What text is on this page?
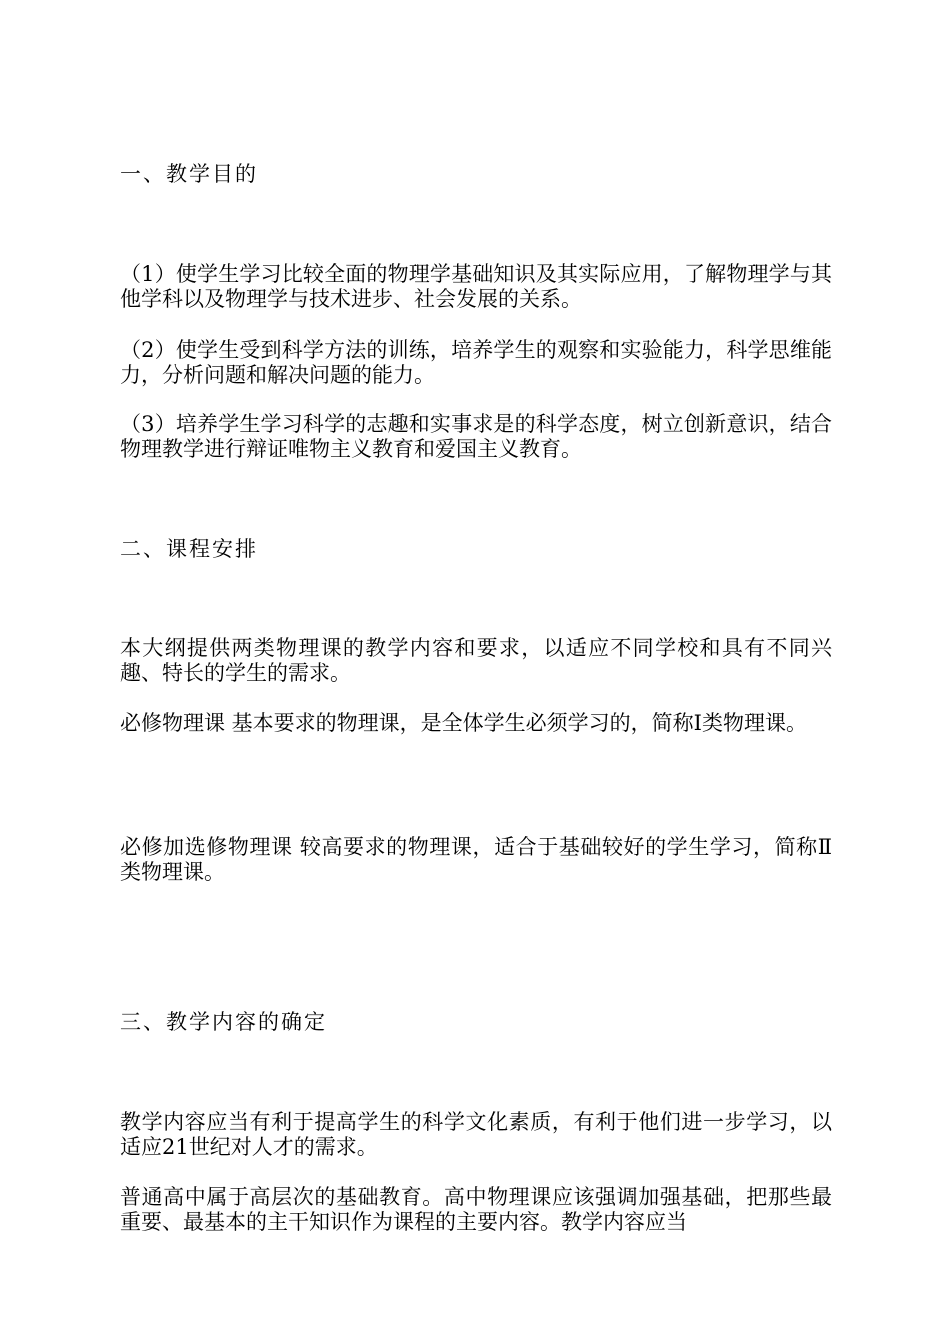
一、教学目的

（1）使学生学习比较全面的物理学基础知识及其实际应用，了解物理学与其他学科以及物理学与技术进步、社会发展的关系。

（2）使学生受到科学方法的训练，培养学生的观察和实验能力，科学思维能力，分析问题和解决问题的能力。

（3）培养学生学习科学的志趣和实事求是的科学态度，树立创新意识，结合物理教学进行辩证唯物主义教育和爱国主义教育。

二、课程安排

本大纲提供两类物理课的教学内容和要求，以适应不同学校和具有不同兴趣、特长的学生的需求。

必修物理课 基本要求的物理课，是全体学生必须学习的，简称Ⅰ类物理课。

必修加选修物理课 较高要求的物理课，适合于基础较好的学生学习，简称Ⅱ类物理课。

三、教学内容的确定

教学内容应当有利于提高学生的科学文化素质，有利于他们进一步学习，以适应21世纪对人才的需求。

普通高中属于高层次的基础教育。高中物理课应该强调加强基础，把那些最重要、最基本的主干知识作为课程的主要内容。教学内容应当
